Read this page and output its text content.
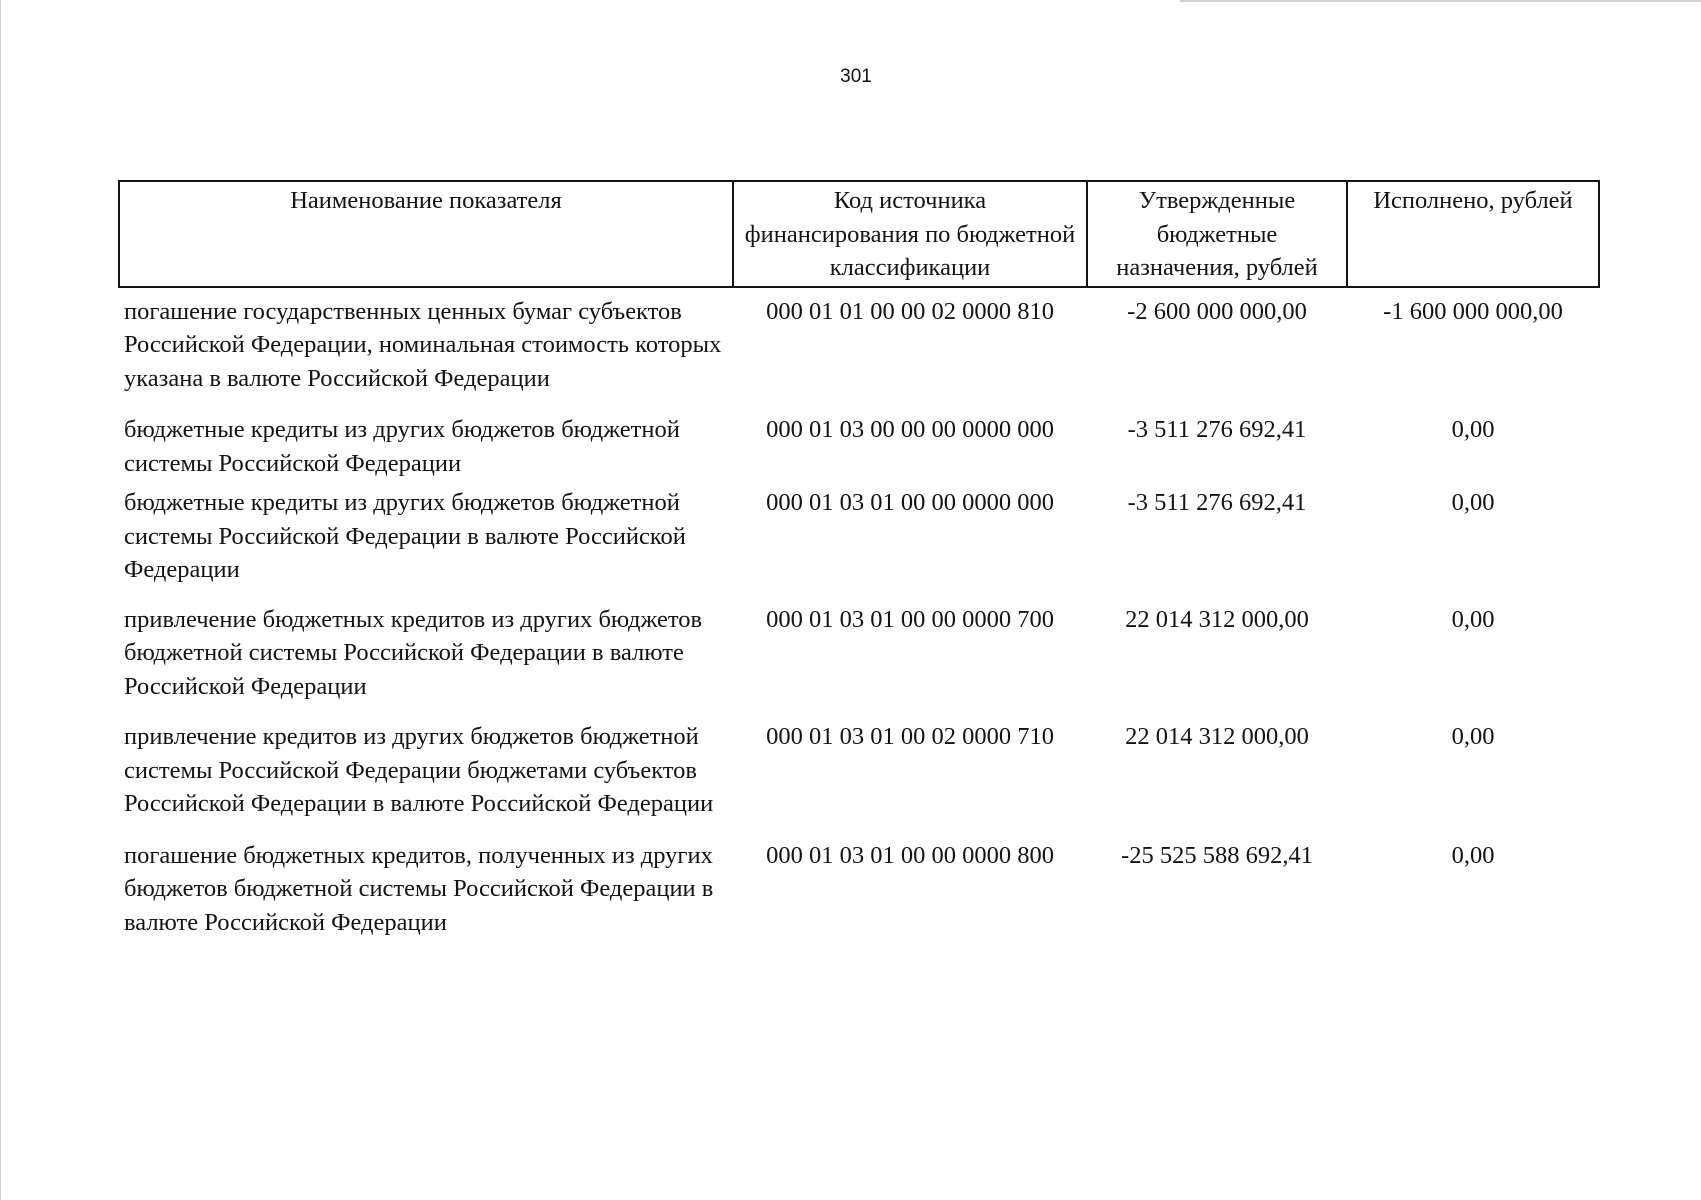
301
Наименование показателя	Код источника финансирования по бюджетной классификации	Утвержденные бюджетные назначения, рублей	Исполнено, рублей
погашение государственных ценных бумаг субъектов Российской Федерации, номинальная стоимость которых указана в валюте Российской Федерации	000 01 01 00 00 02 0000 810	-2 600 000 000,00	-1 600 000 000,00
бюджетные кредиты из других бюджетов бюджетной системы Российской Федерации	000 01 03 00 00 00 0000 000	-3 511 276 692,41	0,00
бюджетные кредиты из других бюджетов бюджетной системы Российской Федерации в валюте Российской Федерации	000 01 03 01 00 00 0000 000	-3 511 276 692,41	0,00
привлечение бюджетных кредитов из других бюджетов бюджетной системы Российской Федерации в валюте Российской Федерации	000 01 03 01 00 00 0000 700	22 014 312 000,00	0,00
привлечение кредитов из других бюджетов бюджетной системы Российской Федерации бюджетами субъектов Российской Федерации в валюте Российской Федерации	000 01 03 01 00 02 0000 710	22 014 312 000,00	0,00
погашение бюджетных кредитов, полученных из других бюджетов бюджетной системы Российской Федерации в валюте Российской Федерации	000 01 03 01 00 00 0000 800	-25 525 588 692,41	0,00
